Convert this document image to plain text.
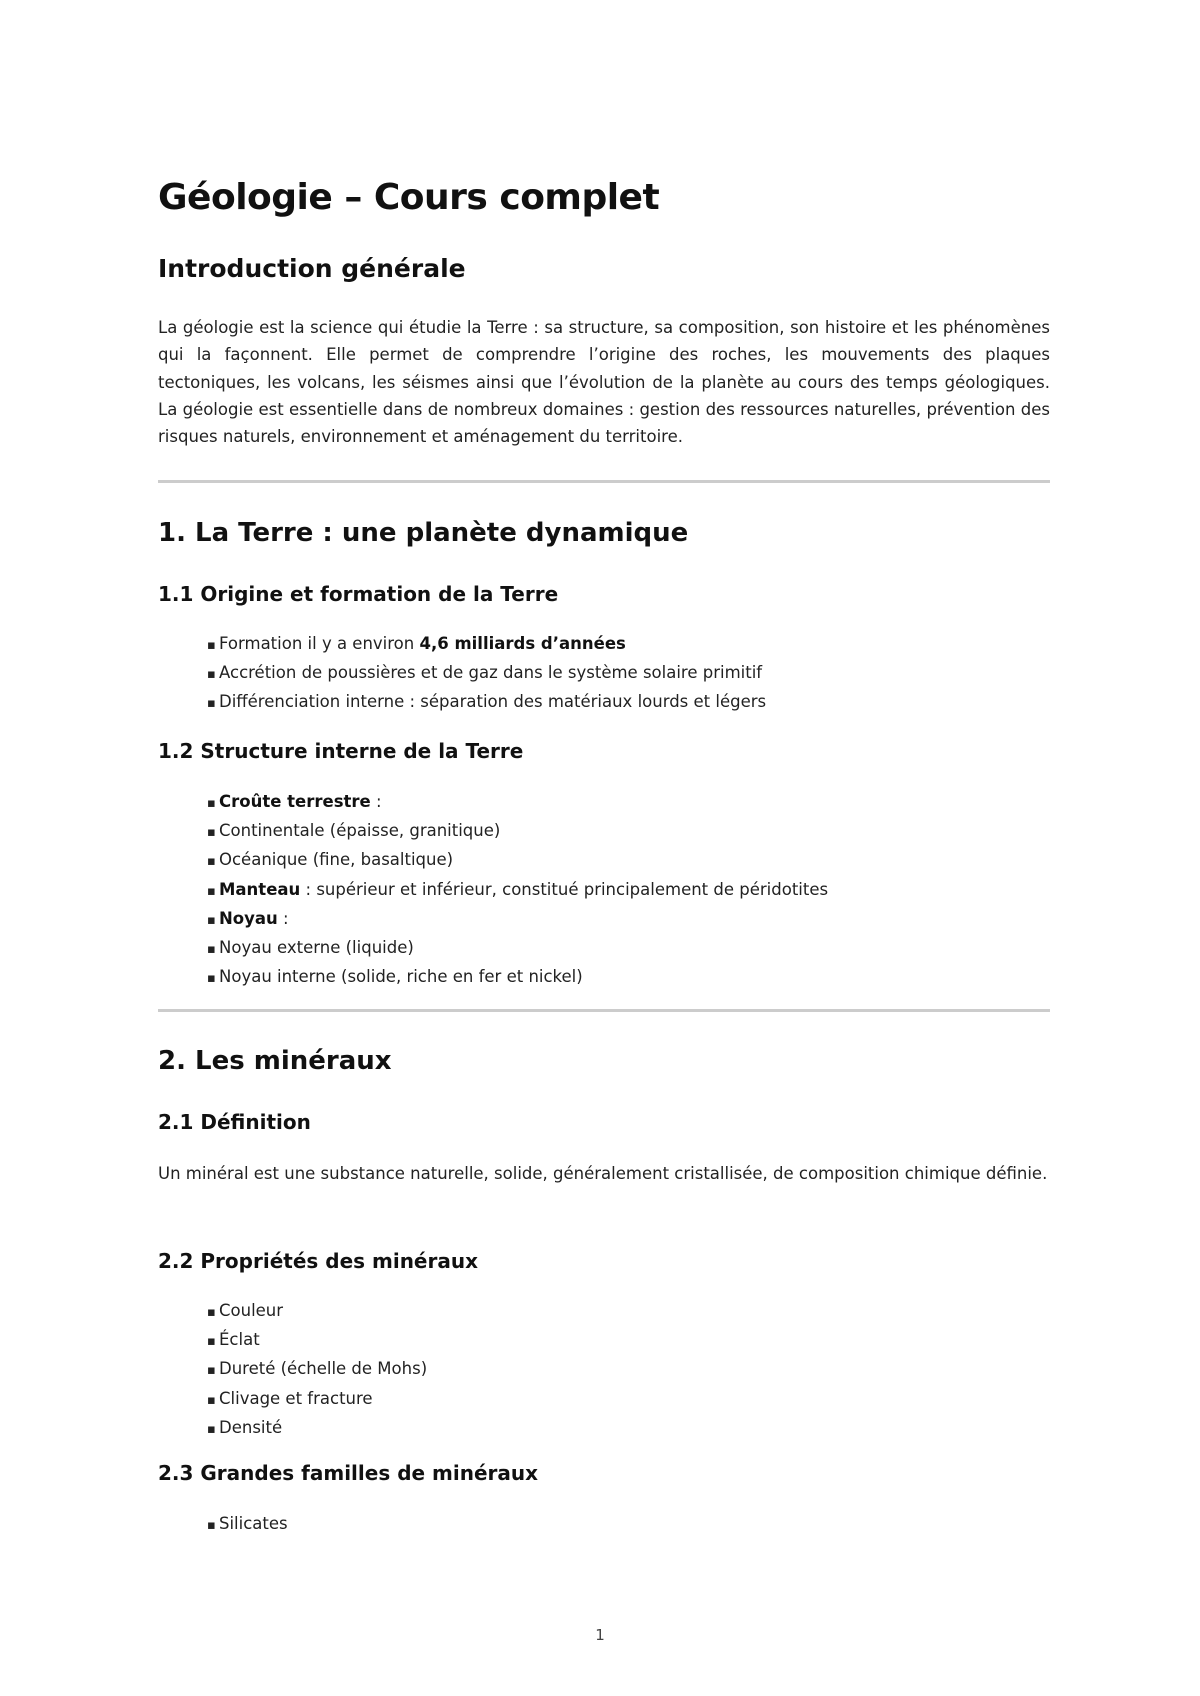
Géologie – Cours complet
Introduction générale

La géologie est la science qui étudie la Terre : sa structure, sa composition, son histoire et les phénomènes qui la façonnent. Elle permet de comprendre l’origine des roches, les mouvements des plaques tectoniques, les volcans, les séismes ainsi que l’évolution de la planète au cours des temps géologiques. La géologie est essentielle dans de nombreux domaines : gestion des ressources naturelles, prévention des risques naturels, environnement et aménagement du territoire.

1. La Terre : une planète dynamique
1.1 Origine et formation de la Terre
▪ Formation il y a environ 4,6 milliards d’années
▪ Accrétion de poussières et de gaz dans le système solaire primitif
▪ Différenciation interne : séparation des matériaux lourds et légers
1.2 Structure interne de la Terre
▪ Croûte terrestre :
▪ Continentale (épaisse, granitique)
▪ Océanique (fine, basaltique)
▪ Manteau : supérieur et inférieur, constitué principalement de péridotites
▪ Noyau :
▪ Noyau externe (liquide)
▪ Noyau interne (solide, riche en fer et nickel)
2. Les minéraux
2.1 Définition

Un minéral est une substance naturelle, solide, généralement cristallisée, de composition chimique définie.

2.2 Propriétés des minéraux
▪ Couleur
▪ Éclat
▪ Dureté (échelle de Mohs)
▪ Clivage et fracture
▪ Densité
2.3 Grandes familles de minéraux
▪ Silicates
1
